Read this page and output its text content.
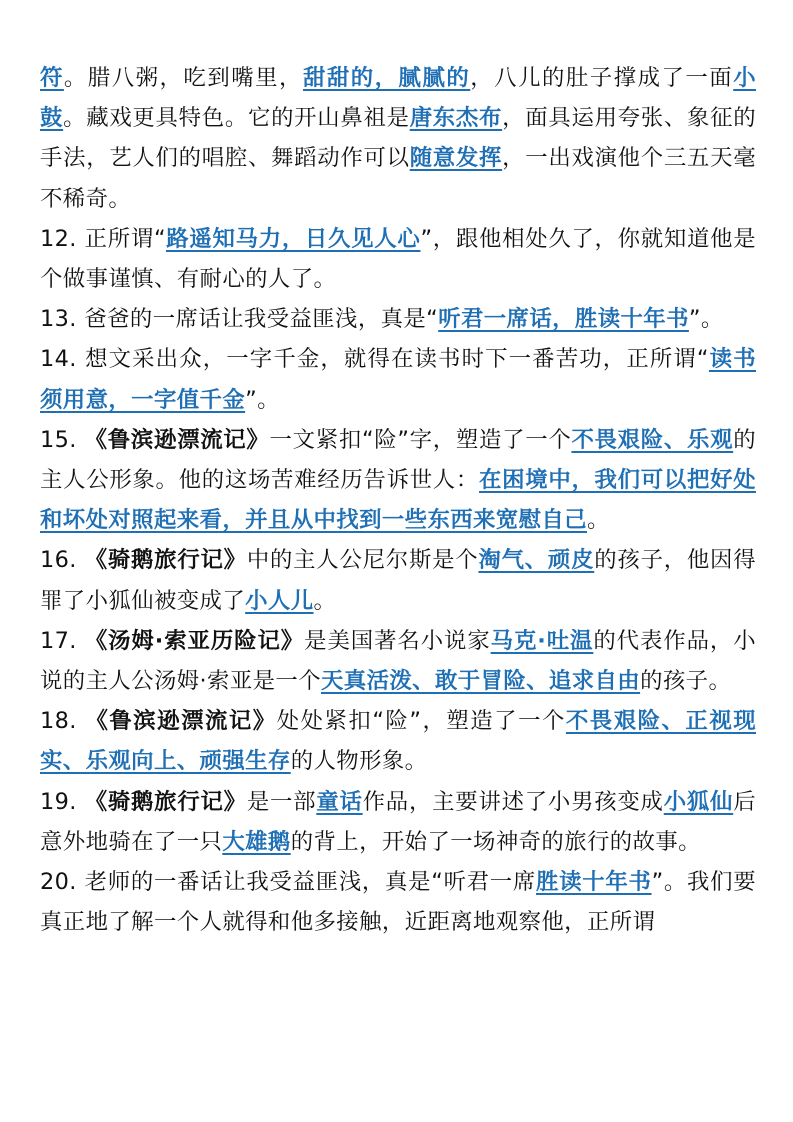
符。腊八粥，吃到嘴里，甜甜的，腻腻的，八儿的肚子撑成了一面小鼓。藏戏更具特色。它的开山鼻祖是唐东杰布，面具运用夸张、象征的手法，艺人们的唱腔、舞蹈动作可以随意发挥，一出戏演他个三五天毫不稀奇。

12. 正所谓“路遥知马力，日久见人心”，跟他相处久了，你就知道他是个做事谨慎、有耐心的人了。

13. 爸爸的一席话让我受益匪浅，真是“听君一席话，胜读十年书”。

14. 想文采出众，一字千金，就得在读书时下一番苦功，正所谓“读书须用意，一字值千金”。

15. 《鲁滨逊漂流记》一文紧扣“险”字，塑造了一个不畏艰险、乐观的主人公形象。他的这场苦难经历告诉世人：在困境中，我们可以把好处和坏处对照起来看，并且从中找到一些东西来宽慰自己。

16. 《骑鹅旅行记》中的主人公尼尔斯是个淘气、顽皮的孩子，他因得罪了小狐仙被变成了小人儿。

17. 《汤姆·索亚历险记》是美国著名小说家马克·吐温的代表作品，小说的主人公汤姆·索亚是一个天真活泼、敢于冒险、追求自由的孩子。

18. 《鲁滨逊漂流记》处处紧扣“险”，塑造了一个不畏艰险、正视现实、乐观向上、顽强生存的人物形象。

19. 《骑鹅旅行记》是一部童话作品，主要讲述了小男孩变成小狐仙后意外地骑在了一只大雄鹅的背上，开始了一场神奇的旅行的故事。

20. 老师的一番话让我受益匪浅，真是“听君一席胜读十年书”。我们要真正地了解一个人就得和他多接触，近距离地观察他，正所谓
